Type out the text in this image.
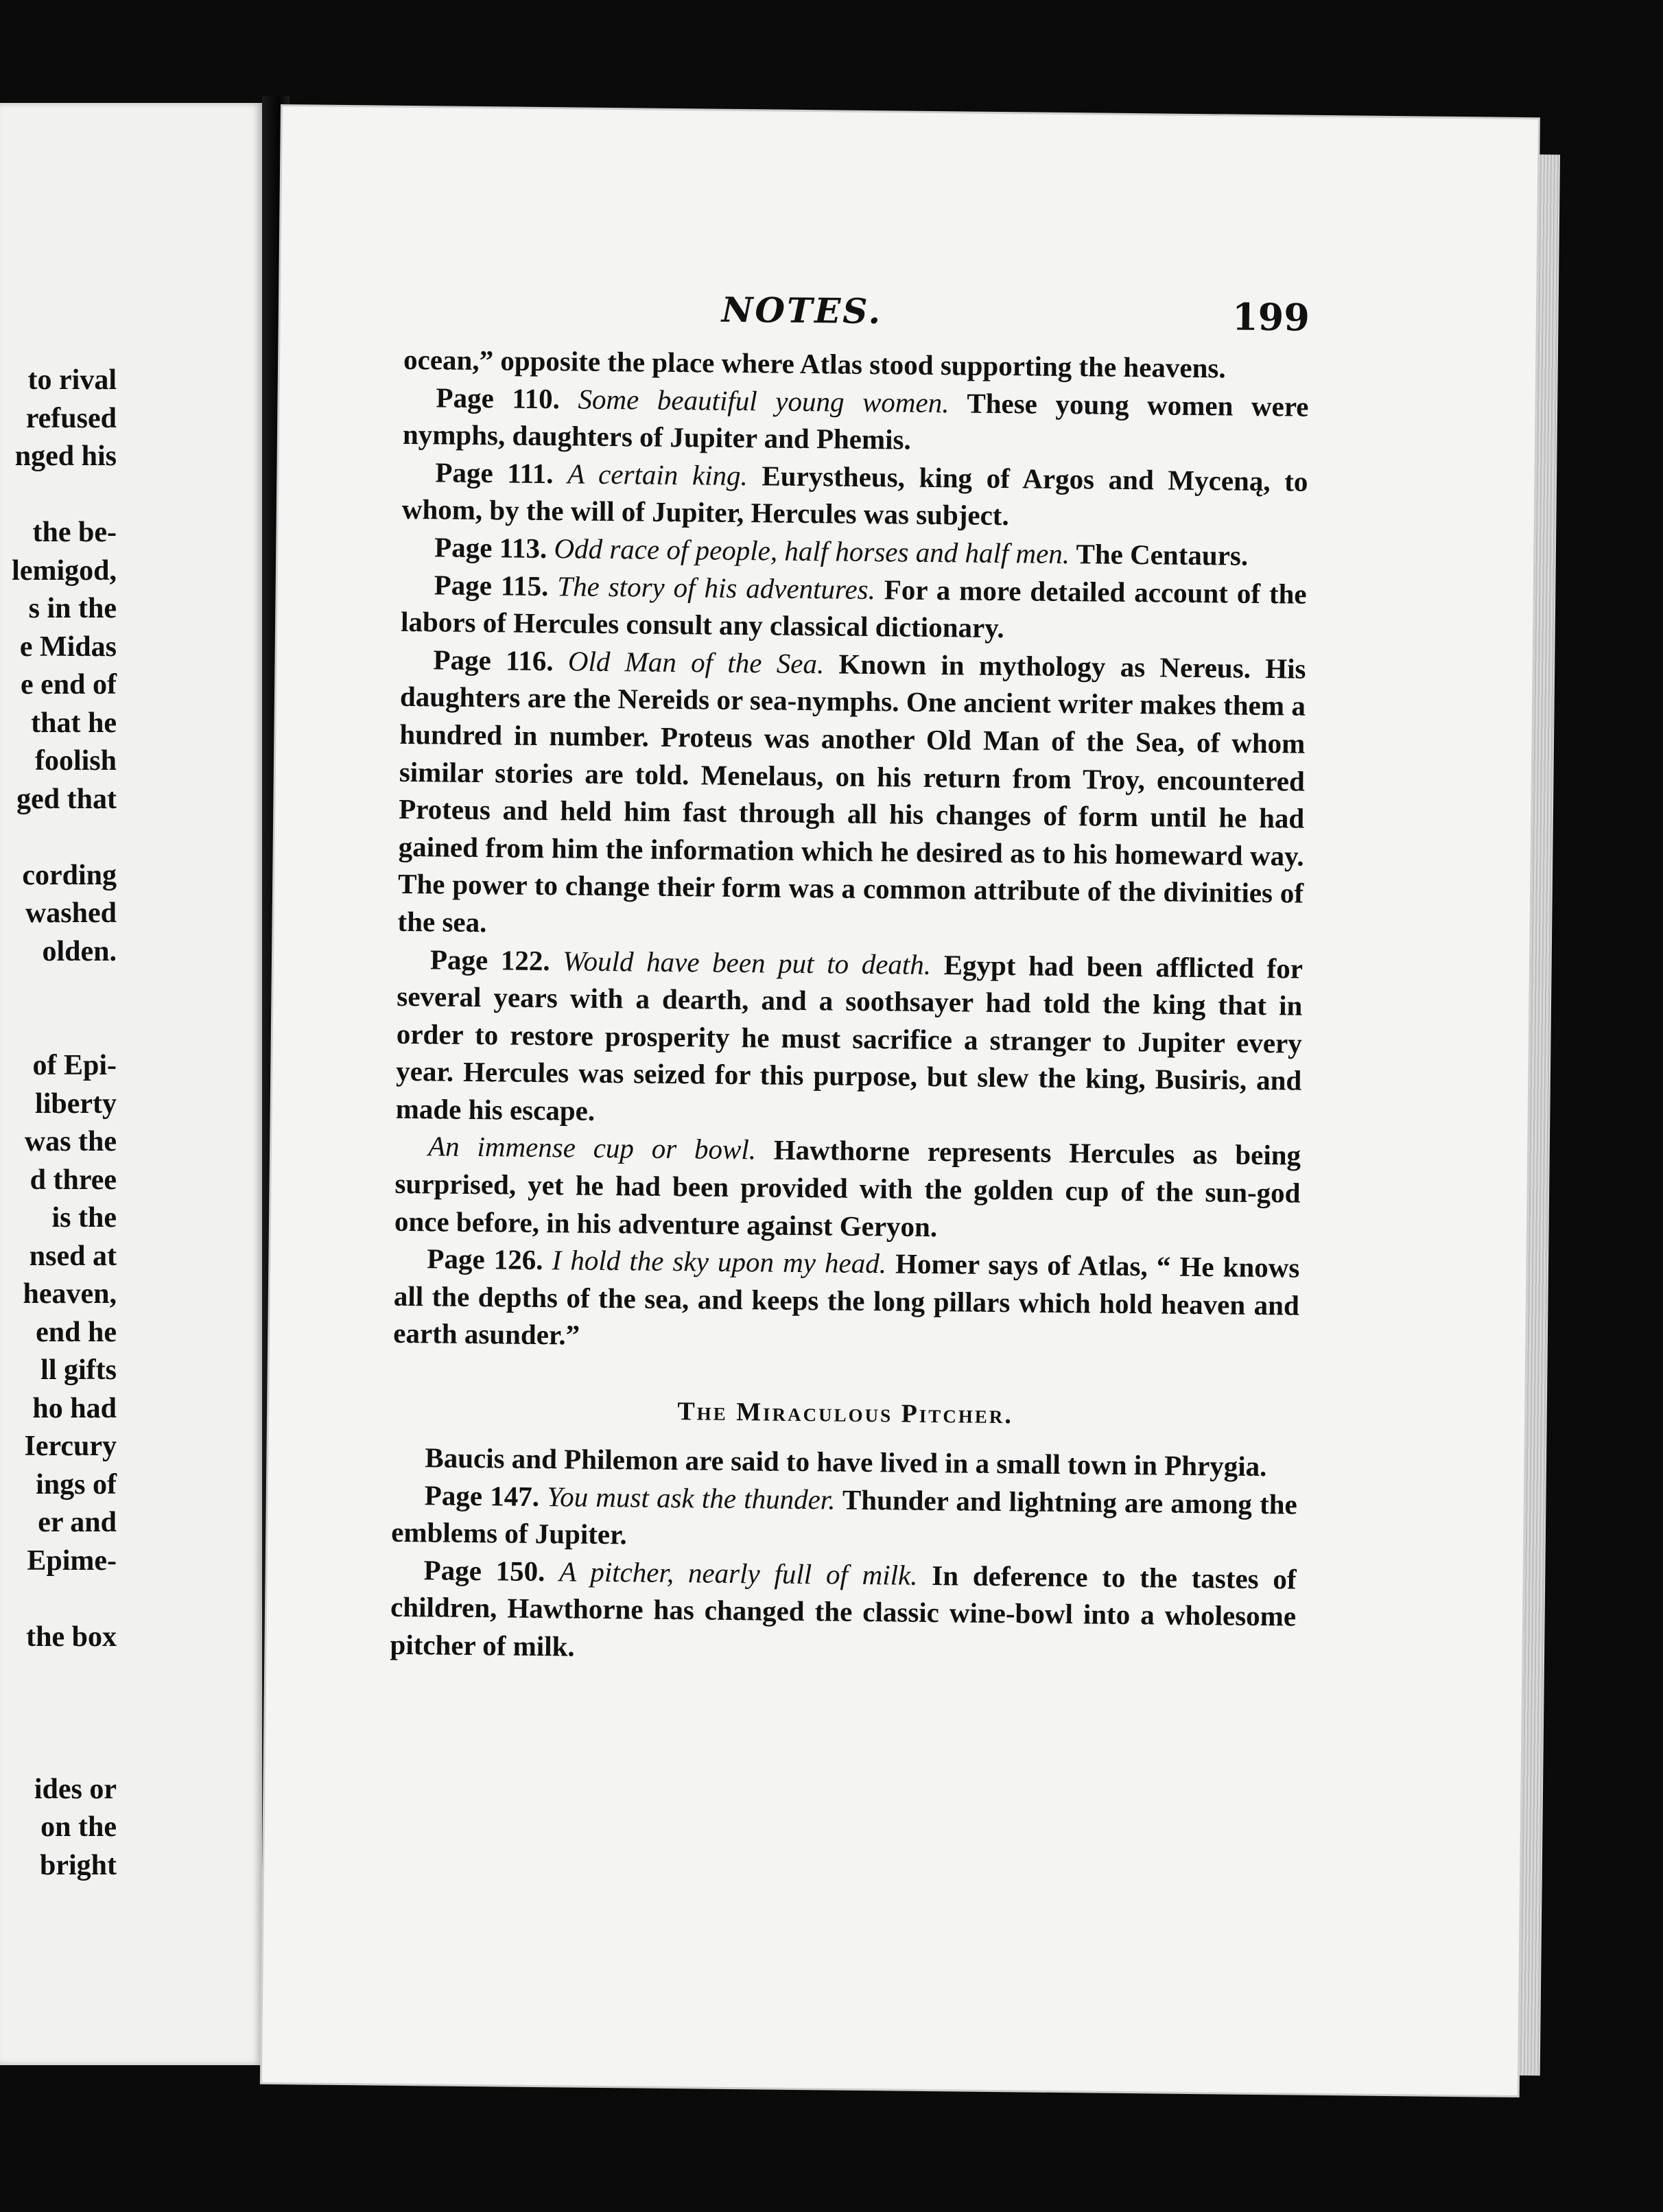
to rival
refused
nged his
the be-
lemigod,
s in the
e Midas
e end of
that he
foolish
ged that
cording
washed
olden.
of Epi-
liberty
was the
d three
is the
nsed at
heaven,
end he
ll gifts
ho had
Iercury
ings of
er and
Epime-
the box
ides or
on the
bright
NOTES.	199

ocean,” opposite the place where Atlas stood supporting the heavens.

Page 110. Some beautiful young women. These young women were nymphs, daughters of Jupiter and Phemis.

Page 111. A certain king. Eurystheus, king of Argos and Myceną, to whom, by the will of Jupiter, Hercules was subject.

Page 113. Odd race of people, half horses and half men. The Centaurs.

Page 115. The story of his adventures. For a more detailed account of the labors of Hercules consult any classical dictionary.

Page 116. Old Man of the Sea. Known in mythology as Nereus. His daughters are the Nereids or sea-nymphs. One ancient writer makes them a hundred in number. Proteus was another Old Man of the Sea, of whom similar stories are told. Menelaus, on his return from Troy, encountered Proteus and held him fast through all his changes of form until he had gained from him the information which he desired as to his homeward way. The power to change their form was a common attribute of the divinities of the sea.

Page 122. Would have been put to death. Egypt had been afflicted for several years with a dearth, and a soothsayer had told the king that in order to restore prosperity he must sacrifice a stranger to Jupiter every year. Hercules was seized for this purpose, but slew the king, Busiris, and made his escape.

An immense cup or bowl. Hawthorne represents Hercules as being surprised, yet he had been provided with the golden cup of the sun-god once before, in his adventure against Geryon.

Page 126. I hold the sky upon my head. Homer says of Atlas, “ He knows all the depths of the sea, and keeps the long pillars which hold heaven and earth asunder.”

The Miraculous Pitcher.

Baucis and Philemon are said to have lived in a small town in Phrygia.

Page 147. You must ask the thunder. Thunder and lightning are among the emblems of Jupiter.

Page 150. A pitcher, nearly full of milk. In deference to the tastes of children, Hawthorne has changed the classic wine-bowl into a wholesome pitcher of milk.
